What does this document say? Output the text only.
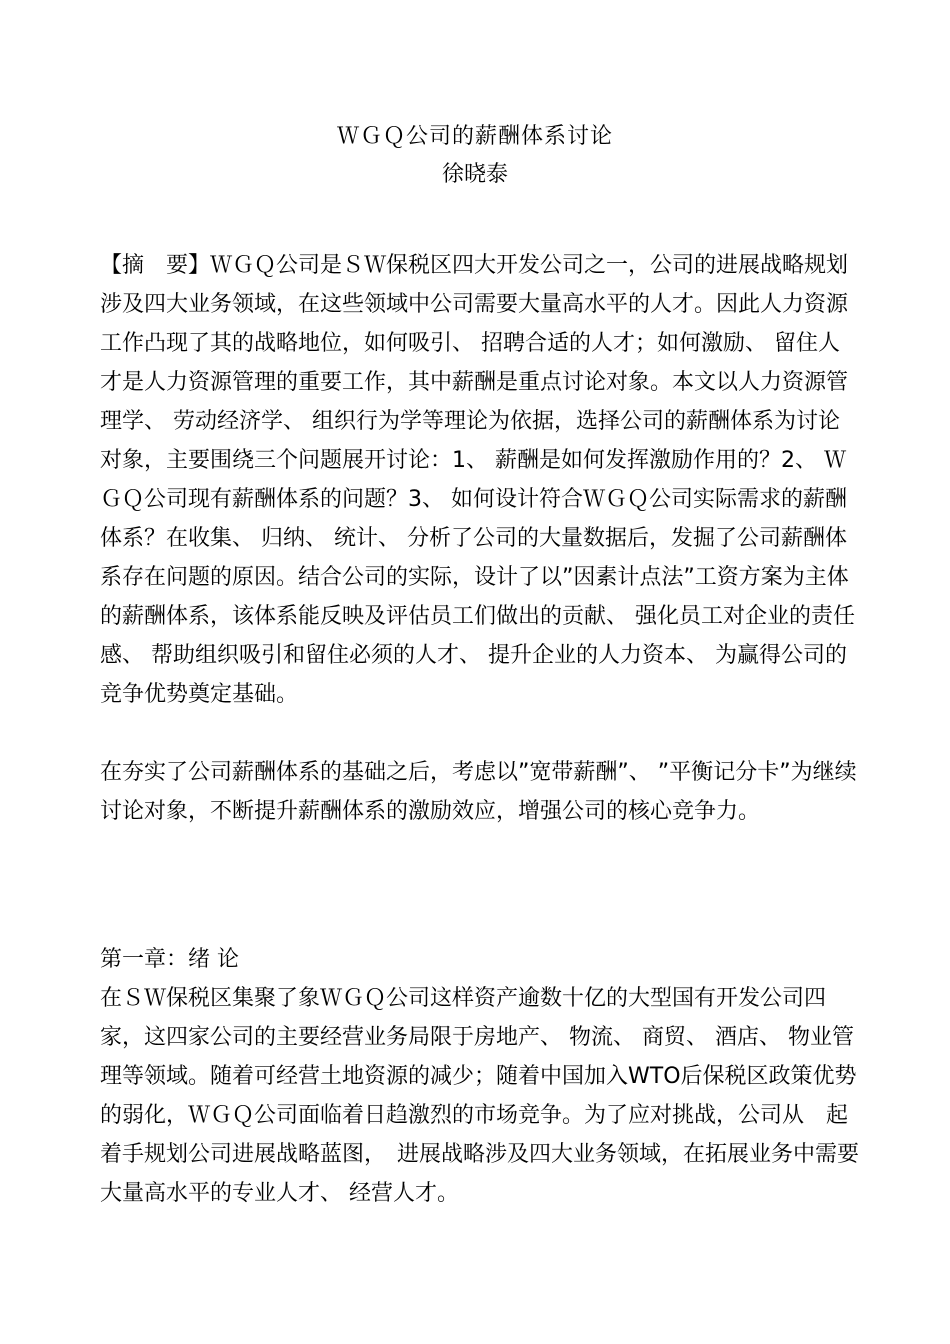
ＷＧＱ公司的薪酬体系讨论
徐晓泰
【摘　要】ＷＧＱ公司是ＳＷ保税区四大开发公司之一，公司的进展战略规划涉及四大业务领域，在这些领域中公司需要大量高水平的人才。因此人力资源工作凸现了其的战略地位，如何吸引、 招聘合适的人才；如何激励、 留住人才是人力资源管理的重要工作，其中薪酬是重点讨论对象。本文以人力资源管理学、 劳动经济学、 组织行为学等理论为依据，选择公司的薪酬体系为讨论对象，主要围绕三个问题展开讨论：1、 薪酬是如何发挥激励作用的？2、 ＷＧＱ公司现有薪酬体系的问题？3、 如何设计符合ＷＧＱ公司实际需求的薪酬体系？在收集、 归纳、 统计、 分析了公司的大量数据后，发掘了公司薪酬体系存在问题的原因。结合公司的实际，设计了以”因素计点法”工资方案为主体的薪酬体系，该体系能反映及评估员工们做出的贡献、 强化员工对企业的责任感、 帮助组织吸引和留住必须的人才、 提升企业的人力资本、 为赢得公司的竞争优势奠定基础。
在夯实了公司薪酬体系的基础之后，考虑以”宽带薪酬”、 ”平衡记分卡”为继续讨论对象，不断提升薪酬体系的激励效应，增强公司的核心竞争力。
第一章：绪 论
在ＳＷ保税区集聚了象ＷＧＱ公司这样资产逾数十亿的大型国有开发公司四家，这四家公司的主要经营业务局限于房地产、 物流、 商贸、 酒店、 物业管理等领域。随着可经营土地资源的减少；随着中国加入WTO后保税区政策优势的弱化，ＷＧＱ公司面临着日趋激烈的市场竞争。为了应对挑战，公司从　起着手规划公司进展战略蓝图，　进展战略涉及四大业务领域，在拓展业务中需要大量高水平的专业人才、 经营人才。
